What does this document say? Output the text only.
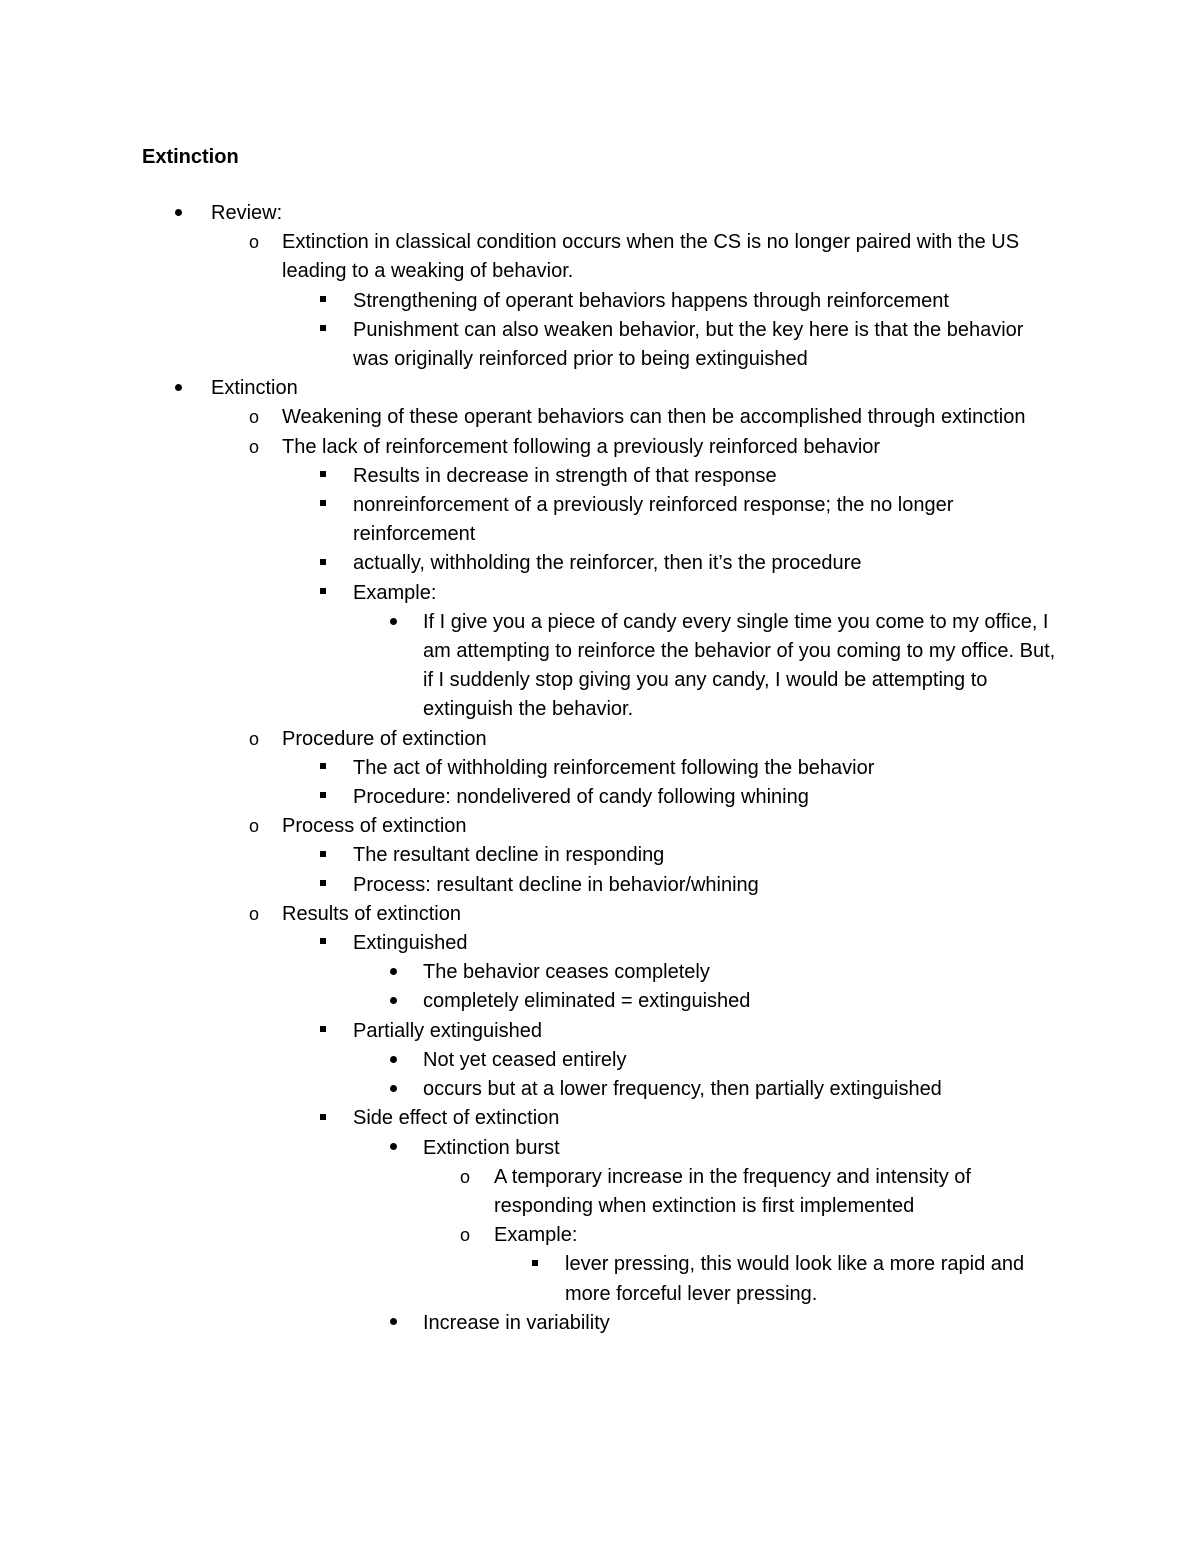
Extinction
Review:
o
Extinction in classical condition occurs when the CS is no longer paired with the US leading to a weaking of behavior.
Strengthening of operant behaviors happens through reinforcement
Punishment can also weaken behavior, but the key here is that the behavior was originally reinforced prior to being extinguished
Extinction
o
Weakening of these operant behaviors can then be accomplished through extinction
o
The lack of reinforcement following a previously reinforced behavior
Results in decrease in strength of that response
nonreinforcement of a previously reinforced response; the no longer reinforcement
actually, withholding the reinforcer, then it’s the procedure
Example:
If I give you a piece of candy every single time you come to my office, I am attempting to reinforce the behavior of you coming to my office. But, if I suddenly stop giving you any candy, I would be attempting to extinguish the behavior.
o
Procedure of extinction
The act of withholding reinforcement following the behavior
Procedure: nondelivered of candy following whining
o
Process of extinction
The resultant decline in responding
Process: resultant decline in behavior/whining
o
Results of extinction
Extinguished
The behavior ceases completely
completely eliminated = extinguished
Partially extinguished
Not yet ceased entirely
occurs but at a lower frequency, then partially extinguished
Side effect of extinction
Extinction burst
o
A temporary increase in the frequency and intensity of responding when extinction is first implemented
o
Example:
lever pressing, this would look like a more rapid and more forceful lever pressing.
Increase in variability
